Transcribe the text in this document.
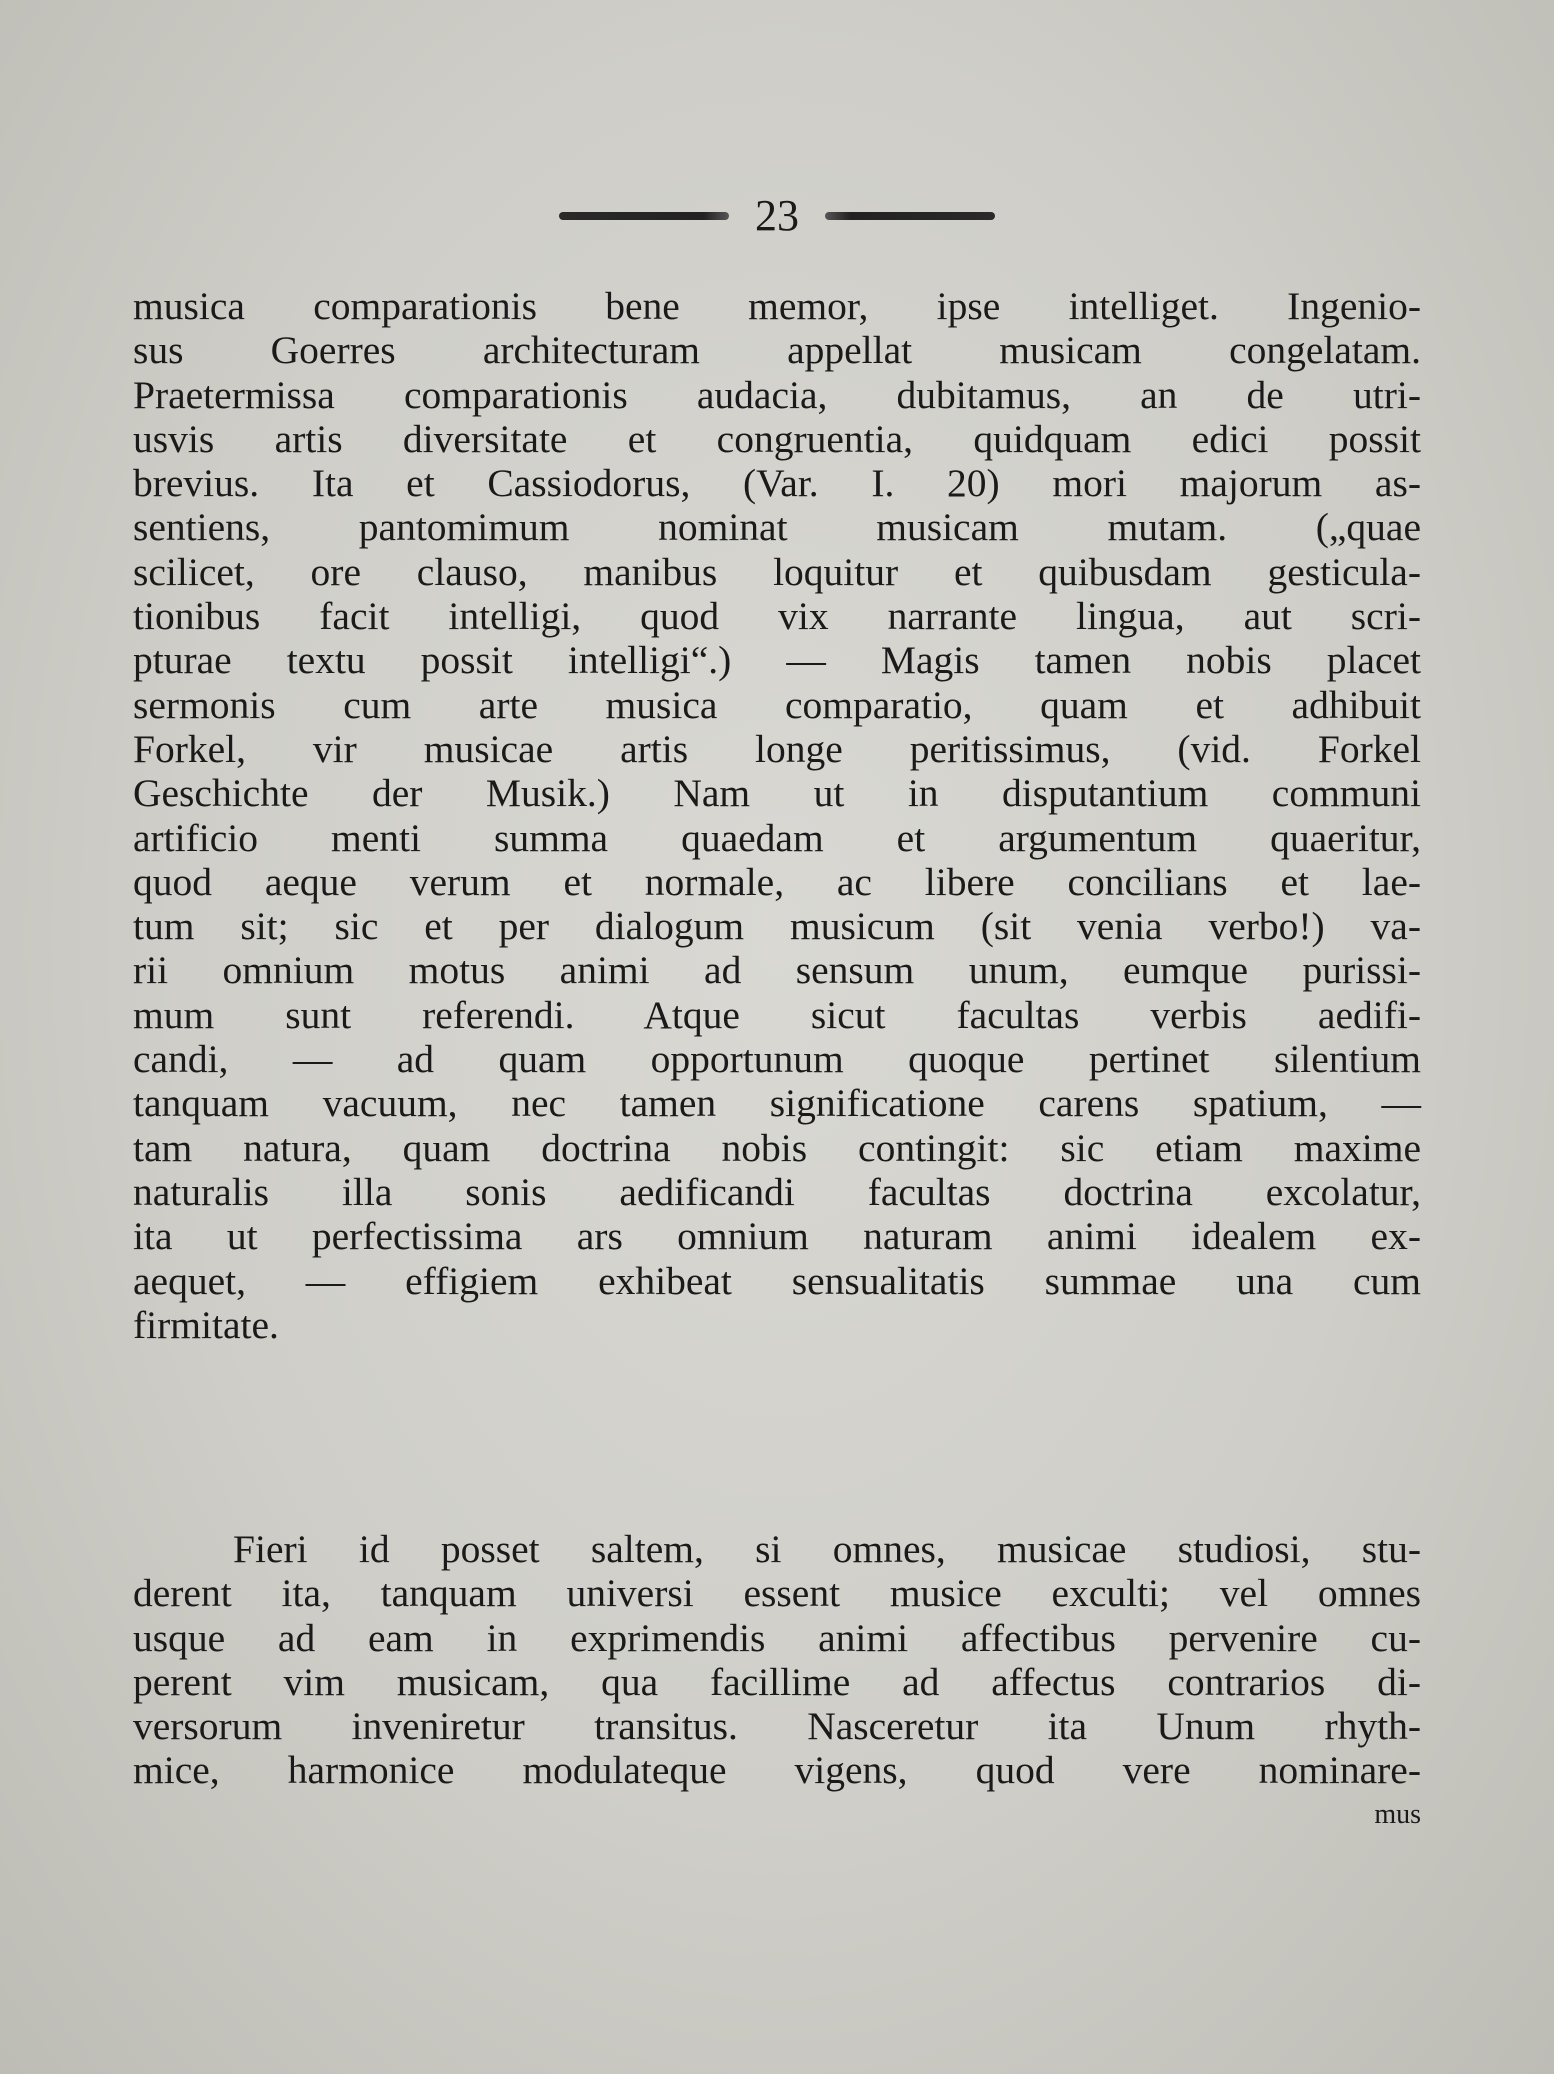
23
musica comparationis bene memor, ipse intelliget. Ingenio-
sus Goerres architecturam appellat musicam congelatam.
Praetermissa comparationis audacia, dubitamus, an de utri-
usvis artis diversitate et congruentia, quidquam edici possit
brevius. Ita et Cassiodorus, (Var. I. 20) mori majorum as-
sentiens, pantomimum nominat musicam mutam. („quae
scilicet, ore clauso, manibus loquitur et quibusdam gesticula-
tionibus facit intelligi, quod vix narrante lingua, aut scri-
pturae textu possit intelligi“.) — Magis tamen nobis placet
sermonis cum arte musica comparatio, quam et adhibuit
Forkel, vir musicae artis longe peritissimus, (vid. Forkel
Geschichte der Musik.) Nam ut in disputantium communi
artificio menti summa quaedam et argumentum quaeritur,
quod aeque verum et normale, ac libere concilians et lae-
tum sit; sic et per dialogum musicum (sit venia verbo!) va-
rii omnium motus animi ad sensum unum, eumque purissi-
mum sunt referendi. Atque sicut facultas verbis aedifi-
candi, — ad quam opportunum quoque pertinet silentium
tanquam vacuum, nec tamen significatione carens spatium, —
tam natura, quam doctrina nobis contingit: sic etiam maxime
naturalis illa sonis aedificandi facultas doctrina excolatur,
ita ut perfectissima ars omnium naturam animi idealem ex-
aequet, — effigiem exhibeat sensualitatis summae una cum
firmitate.
Fieri id posset saltem, si omnes, musicae studiosi, stu-
derent ita, tanquam universi essent musice exculti; vel omnes
usque ad eam in exprimendis animi affectibus pervenire cu-
perent vim musicam, qua facillime ad affectus contrarios di-
versorum inveniretur transitus. Nasceretur ita Unum rhyth-
mice, harmonice modulateque vigens, quod vere nominare-
mus
